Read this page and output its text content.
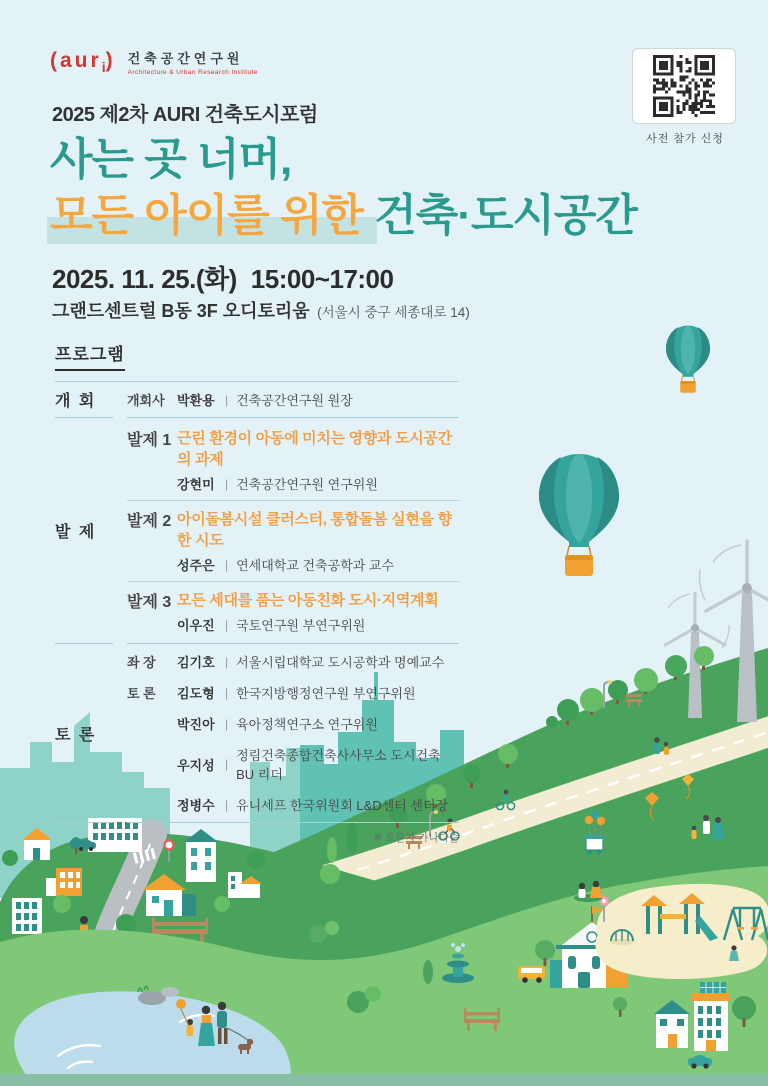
(aur$_i$) 건축공간연구원
Architecture & Urban Research Institute
사전 참가 신청
2025 제2차 AURI 건축도시포럼
사는 곳 너머,
모든 아이를 위한 건축·도시공간
2025. 11. 25.(화) 15:00~17:00
그랜드센트럴 B동 3F 오디토리움 (서울시 중구 세종대로 14)
프로그램
개 회	개회사 박환용 | 건축공간연구원 원장
발 제
발제 1 근린 환경이 아동에 미치는 영향과 도시공간의 과제
강현미 | 건축공간연구원 연구위원
발제 2 아이돌봄시설 클러스터, 통합돌봄 실현을 향한 시도
성주은 | 연세대학교 건축공학과 교수
발제 3 모든 세대를 품는 아동친화 도시·지역계획
이우진 | 국토연구원 부연구위원
토 론
좌 장	김기호 | 서울시립대학교 도시공학과 명예교수
토 론	김도형 | 한국지방행정연구원 부연구위원
박진아 | 육아정책연구소 연구위원
우지성 |
정림건축종합건축사사무소 도시건축 BU 리더
정병수 | 유니세프 한국위원회 L&D센터 센터장
※ 토론자 가나다순
